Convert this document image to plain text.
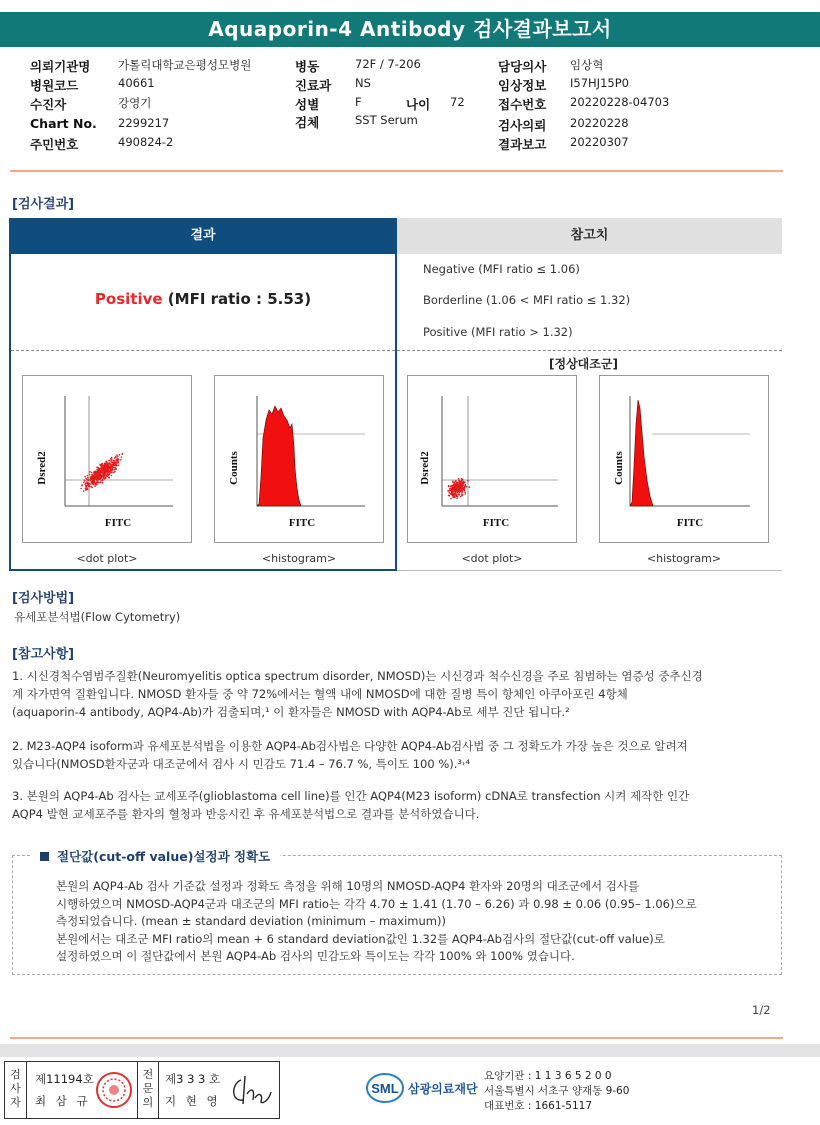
Aquaporin-4 Antibody 검사결과보고서
의뢰기관명 가톨릭대학교은평성모병원	병동	72F / 7-206	담당의사 임상혁
병원코드	40661	진료과 NS	임상정보 I57HJ15P0
수진자	강영기	성별	F	나이 72	접수번호 20220228-04703
Chart No. 2299217	검체	SST Serum	검사의뢰 20220228
주민번호	490824-2	결과보고 20220307
[검사결과]
결과	참고치
Positive (MFI ratio : 5.53)
Negative (MFI ratio ≤ 1.06)
Borderline (1.06 < MFI ratio ≤ 1.32)
Positive (MFI ratio > 1.32)
[정상대조군]
Dsred2
FITC
<dot plot>
Counts
FITC
<histogram>
Dsred2
FITC
<dot plot>
Counts
FITC
<histogram>
[검사방법]
유세포분석법(Flow Cytometry)
[참고사항]
1. 시신경척수염범주질환(Neuromyelitis optica spectrum disorder, NMOSD)는 시신경과 척수신경을 주로 침범하는 염증성 중추신경
계 자가면역 질환입니다. NMOSD 환자들 중 약 72%에서는 혈액 내에 NMOSD에 대한 질병 특이 항체인 아쿠아포린 4항체
(aquaporin-4 antibody, AQP4-Ab)가 검출되며,¹ 이 환자들은 NMOSD with AQP4-Ab로 세부 진단 됩니다.²
2. M23-AQP4 isoform과 유세포분석법을 이용한 AQP4-Ab검사법은 다양한 AQP4-Ab검사법 중 그 정확도가 가장 높은 것으로 알려져
있습니다(NMOSD환자군과 대조군에서 검사 시 민감도 71.4 – 76.7 %, 특이도 100 %).³˒⁴
3. 본원의 AQP4-Ab 검사는 교세포주(glioblastoma cell line)를 인간 AQP4(M23 isoform) cDNA로 transfection 시켜 제작한 인간
AQP4 발현 교세포주를 환자의 혈청과 반응시킨 후 유세포분석법으로 결과를 분석하였습니다.
절단값(cut-off value)설정과 정확도
본원의 AQP4-Ab 검사 기준값 설정과 정확도 측정을 위해 10명의 NMOSD-AQP4 환자와 20명의 대조군에서 검사를
시행하였으며 NMOSD-AQP4군과 대조군의 MFI ratio는 각각 4.70 ± 1.41 (1.70 – 6.26) 과 0.98 ± 0.06 (0.95– 1.06)으로
측정되었습니다. (mean ± standard deviation (minimum – maximum))
본원에서는 대조군 MFI ratio의 mean + 6 standard deviation값인 1.32를 AQP4-Ab검사의 절단값(cut-off value)로
설정하였으며 이 절단값에서 본원 AQP4-Ab 검사의 민감도와 특이도는 각각 100% 와 100% 였습니다.
1/2
검사자
제11194호
최 삼 규
전문의
제3 3 3 호
지 현 영
SML 삼광의료재단
요양기관 : 1 1 3 6 5 2 0 0
서울특별시 서초구 양재동 9-60
대표번호 : 1661-5117
